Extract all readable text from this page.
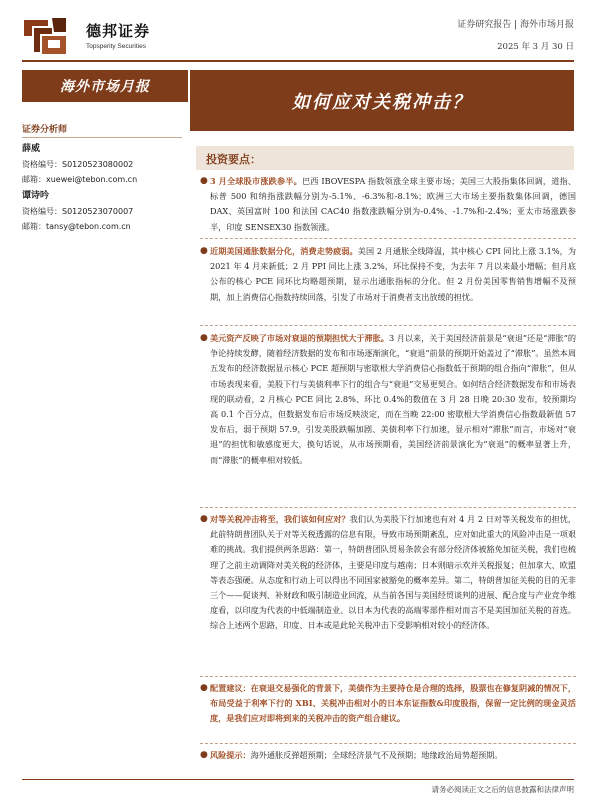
德邦证券
Topsperity Securities
证券研究报告 | 海外市场月报
2025 年 3 月 30 日
海外市场月报
如何应对关税冲击？
证券分析师
薛威
资格编号：S0120523080002
邮箱：xuewei@tebon.com.cn
谭诗吟
资格编号：S0120523070007
邮箱：tansy@tebon.com.cn
投资要点：
● 3 月全球股市涨跌参半。巴西 IBOVESPA 指数领涨全球主要市场；美国三大股指集体回调，道指、标普 500 和纳指涨跌幅分别为-5.1%、-6.3%和-8.1%；欧洲三大市场主要指数集体回调，德国 DAX、英国富时 100 和法国 CAC40 指数涨跌幅分别为-0.4%、-1.7%和-2.4%；亚太市场涨跌参半，印度 SENSEX30 指数领涨。
● 近期美国通胀数据分化，消费走势疲弱。美国 2 月通胀全线降温，其中核心 CPI 同比上涨 3.1%，为 2021 年 4 月来新低；2 月 PPI 同比上涨 3.2%，环比保持不变，为去年 7 月以来最小增幅；但月底公布的核心 PCE 同环比均略超预期，显示出通胀指标的分化。但 2 月份美国零售销售增幅不及预期，加上消费信心指数持续回落，引发了市场对于消费者支出放缓的担忧。
● 美元资产反映了市场对衰退的预期担忧大于滞胀。3 月以来，关于美国经济前景是“衰退”还是“滞胀”的争论持续发酵，随着经济数据的发布和市场逐渐演化，“衰退”前景的预期开始盖过了“滞胀”。虽然本周五发布的经济数据显示核心 PCE 超预期与密歇根大学消费信心指数低于预期的组合指向“滞胀”，但从市场表现来看，美股下行与美债利率下行的组合与“衰退”交易更契合。如何结合经济数据发布和市场表现的联动看，2 月核心 PCE 同比 2.8%、环比 0.4%的数值在 3 月 28 日晚 20:30 发布，较预期均高 0.1 个百分点，但数据发布后市场反映淡定，而在当晚 22:00 密歇根大学消费信心指数最新值 57 发布后，弱于预期 57.9，引发美股跌幅加剧、美债利率下行加速，显示相对“滞胀”而言，市场对“衰退”的担忧和敏感度更大，换句话说，从市场预期看，美国经济前景演化为“衰退”的概率显著上升，而“滞胀”的概率相对较低。
● 对等关税冲击将至，我们该如何应对？我们认为美股下行加速也有对 4 月 2 日对等关税发布的担忧，此前特朗普团队关于对等关税透露的信息有限，导致市场预期紊乱，应对如此重大的风险冲击是一项艰难的挑战。我们提供两条思路：第一，特朗普团队贸易条款会有部分经济体被豁免加征关税，我们也梳理了之前主动调降对美关税的经济体，主要是印度与越南；日本则暗示欢并关税报复；但加拿大、欧盟等表态强硬。从态度和行动上可以得出不同国家被豁免的概率差异。第二，特朗普加征关税的目的无非三个——促谈判、补财政和吸引制造业回流，从当前各国与美国经贸谈判的进展、配合度与产业竞争维度看，以印度为代表的中低端制造业、以日本为代表的高端零部件相对而言不是美国加征关税的首选。综合上述两个思路，印度、日本或是此轮关税冲击下受影响相对较小的经济体。
● 配置建议：在衰退交易强化的背景下，美债作为主要持仓是合理的选择，股票也在修复阴减的情况下，布局受益于利率下行的 XBI、关税冲击相对小的日本东证指数&印度股指，保留一定比例的现金灵活度，是我们应对即将到来的关税冲击的资产组合建议。
● 风险提示：海外通胀反弹超预期；全球经济景气不及预期；地缘政治局势超预期。
请务必阅读正文之后的信息披露和法律声明
